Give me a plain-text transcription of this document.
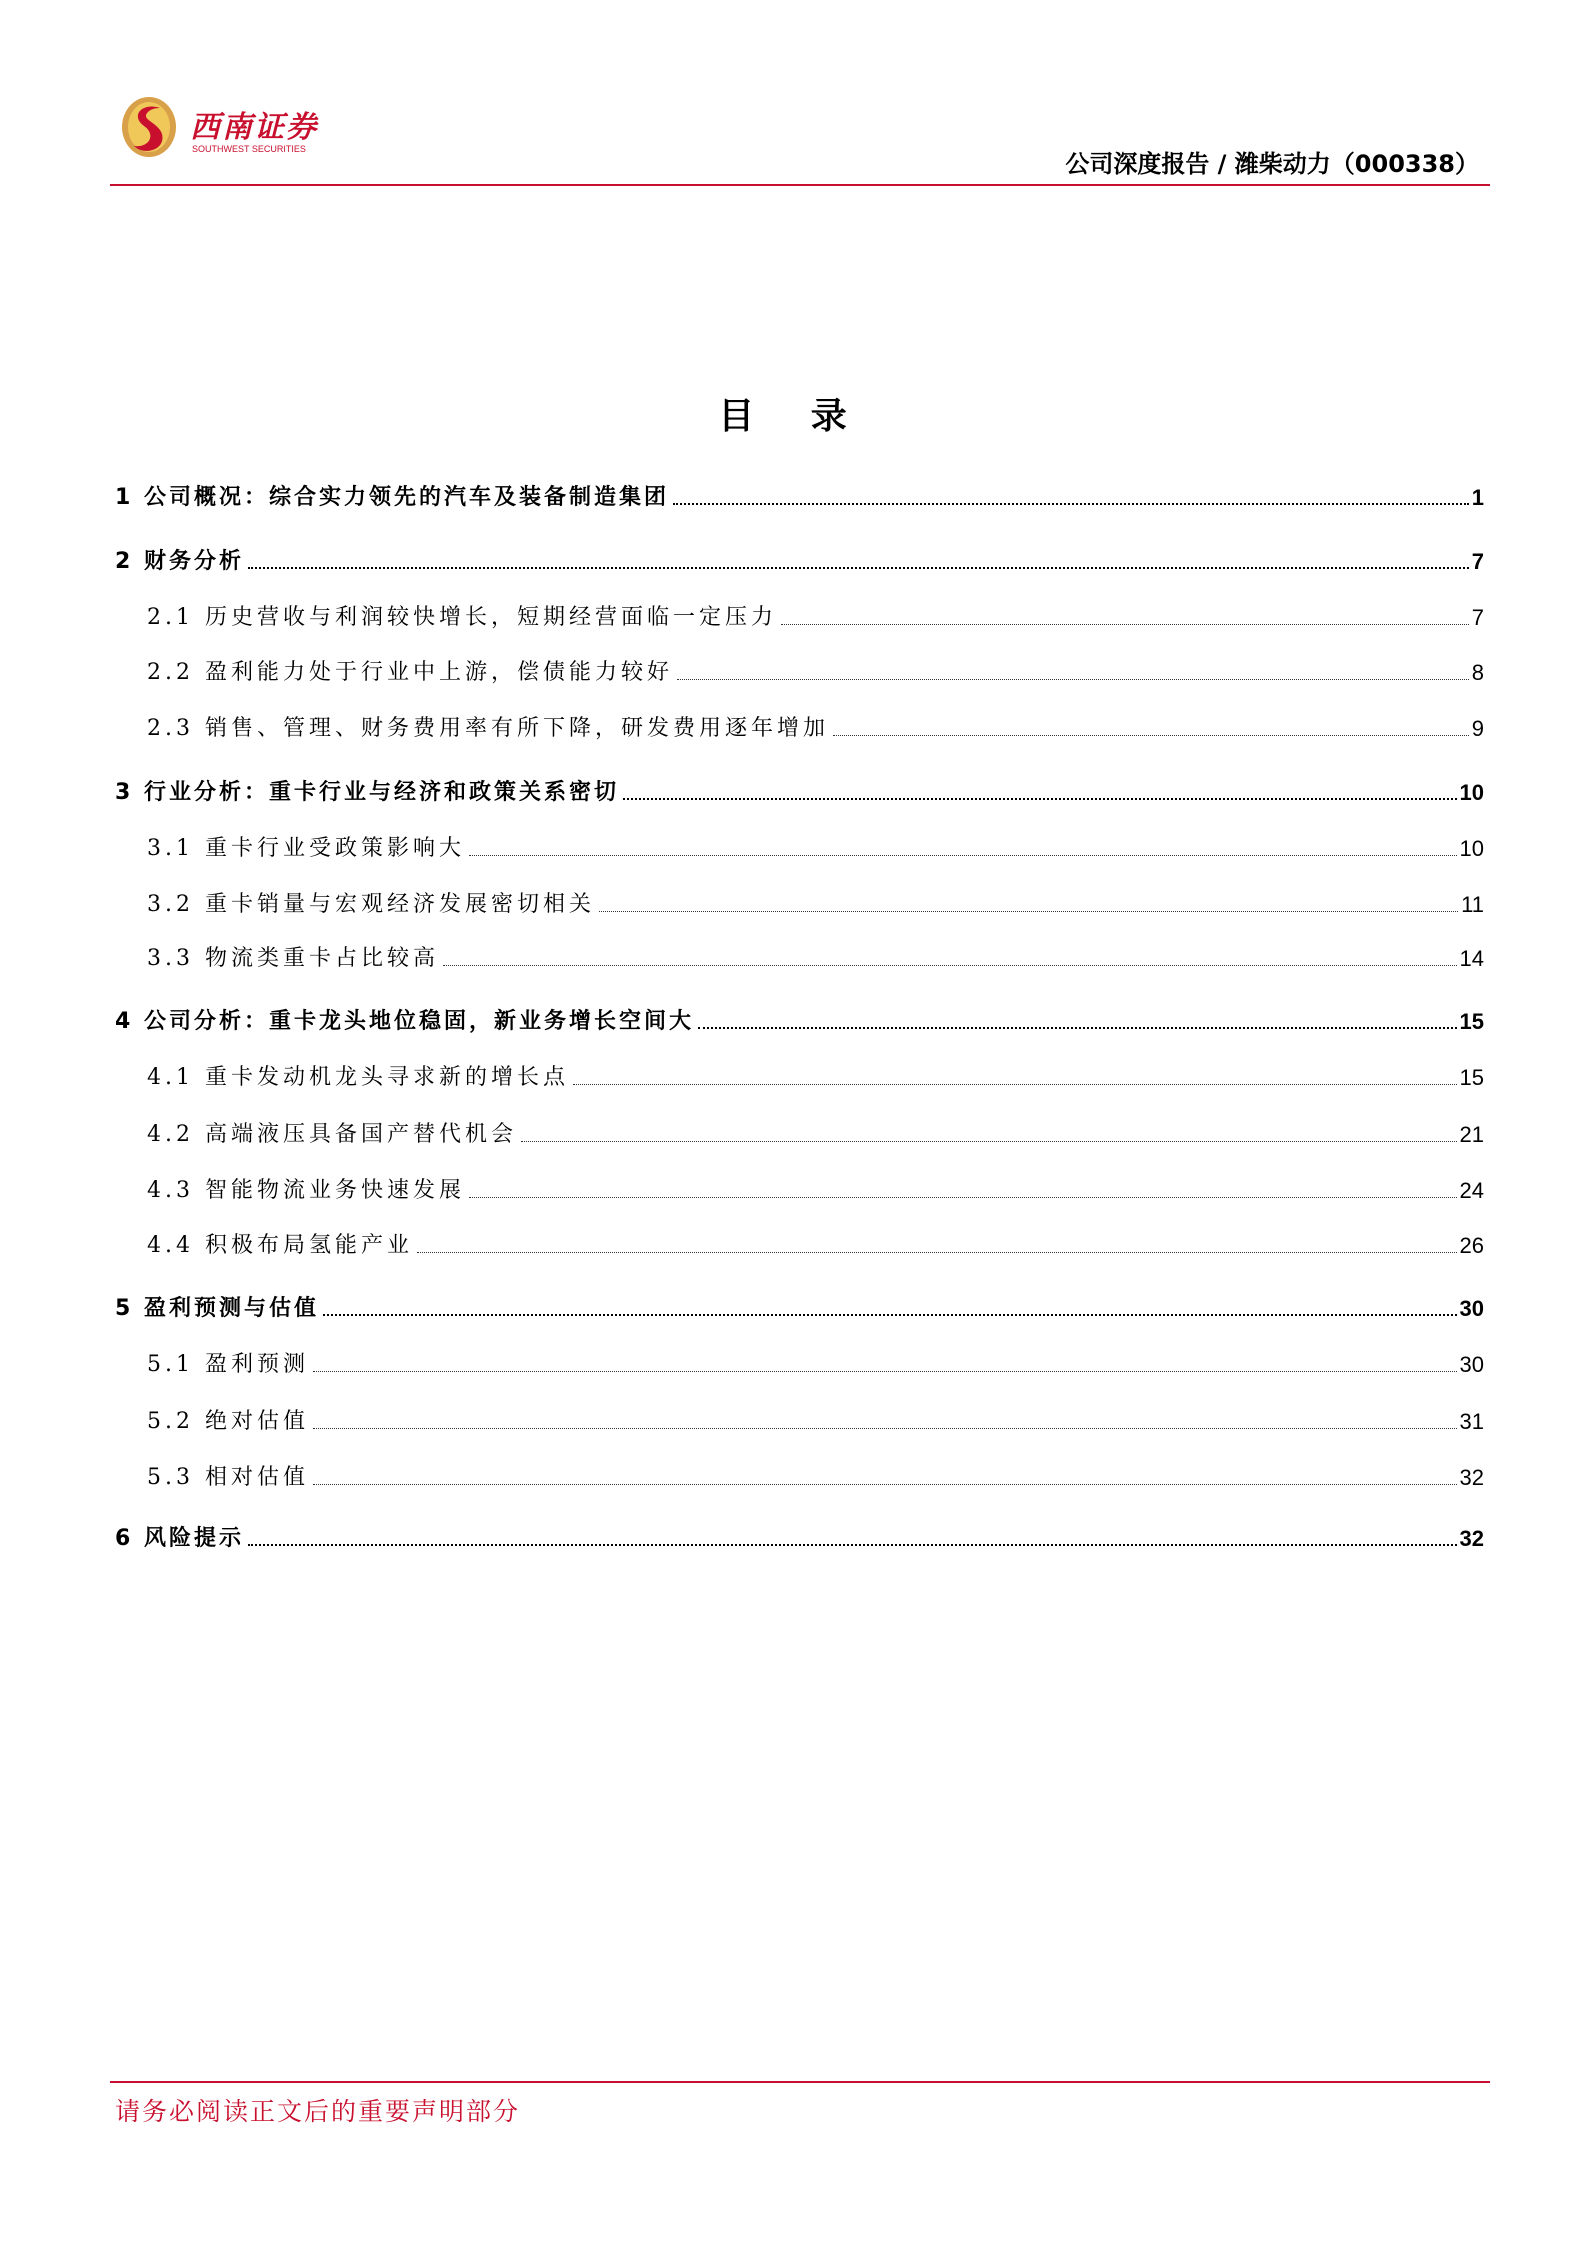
西南证券
SOUTHWEST SECURITIES
公司深度报告 / 潍柴动力（000338）
目 录
1 公司概况：综合实力领先的汽车及装备制造集团	1
2 财务分析	7
2.1 历史营收与利润较快增长，短期经营面临一定压力	7
2.2 盈利能力处于行业中上游，偿债能力较好	8
2.3 销售、管理、财务费用率有所下降，研发费用逐年增加	9
3 行业分析：重卡行业与经济和政策关系密切	10
3.1 重卡行业受政策影响大	10
3.2 重卡销量与宏观经济发展密切相关	11
3.3 物流类重卡占比较高	14
4 公司分析：重卡龙头地位稳固，新业务增长空间大	15
4.1 重卡发动机龙头寻求新的增长点	15
4.2 高端液压具备国产替代机会	21
4.3 智能物流业务快速发展	24
4.4 积极布局氢能产业	26
5 盈利预测与估值	30
5.1 盈利预测	30
5.2 绝对估值	31
5.3 相对估值	32
6 风险提示	32
请务必阅读正文后的重要声明部分
